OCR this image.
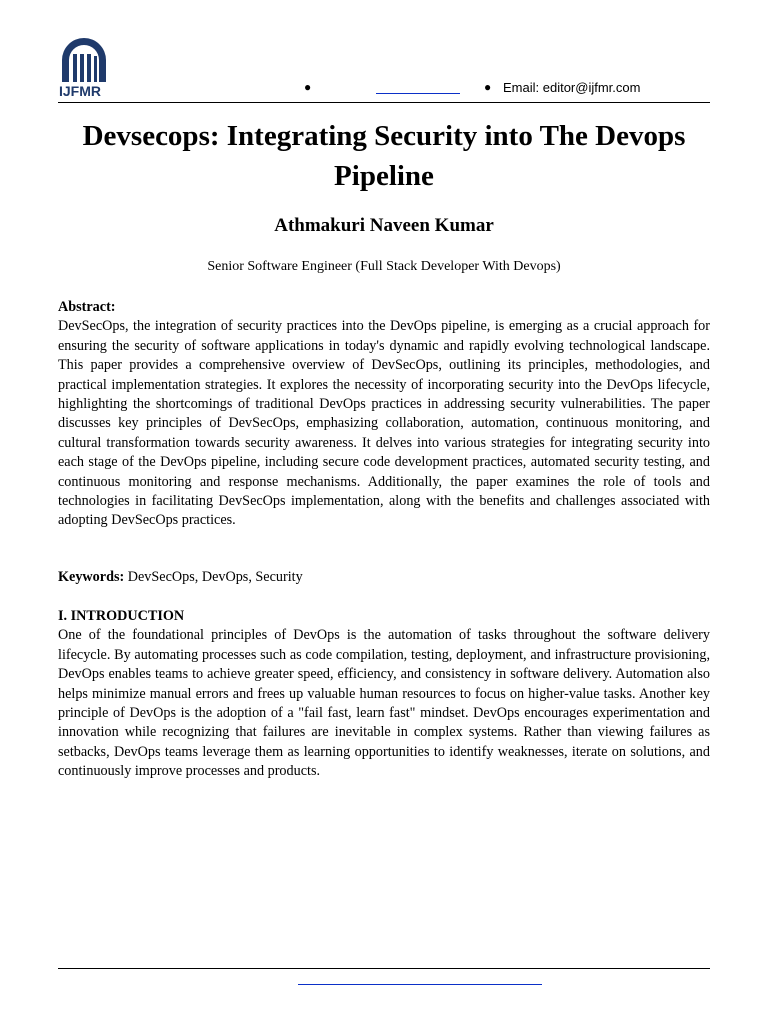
IJFMR	●	● Email: editor@ijfmr.com
Devsecops: Integrating Security into The Devops Pipeline
Athmakuri Naveen Kumar
Senior Software Engineer (Full Stack Developer With Devops)
Abstract:

DevSecOps, the integration of security practices into the DevOps pipeline, is emerging as a crucial approach for ensuring the security of software applications in today's dynamic and rapidly evolving technological landscape. This paper provides a comprehensive overview of DevSecOps, outlining its principles, methodologies, and practical implementation strategies. It explores the necessity of incorporating security into the DevOps lifecycle, highlighting the shortcomings of traditional DevOps practices in addressing security vulnerabilities. The paper discusses key principles of DevSecOps, emphasizing collaboration, automation, continuous monitoring, and cultural transformation towards security awareness. It delves into various strategies for integrating security into each stage of the DevOps pipeline, including secure code development practices, automated security testing, and continuous monitoring and response mechanisms. Additionally, the paper examines the role of tools and technologies in facilitating DevSecOps implementation, along with the benefits and challenges associated with adopting DevSecOps practices.

Keywords: DevSecOps, DevOps, Security
I. INTRODUCTION

One of the foundational principles of DevOps is the automation of tasks throughout the software delivery lifecycle. By automating processes such as code compilation, testing, deployment, and infrastructure provisioning, DevOps enables teams to achieve greater speed, efficiency, and consistency in software delivery. Automation also helps minimize manual errors and frees up valuable human resources to focus on higher-value tasks. Another key principle of DevOps is the adoption of a "fail fast, learn fast" mindset. DevOps encourages experimentation and innovation while recognizing that failures are inevitable in complex systems. Rather than viewing failures as setbacks, DevOps teams leverage them as learning opportunities to identify weaknesses, iterate on solutions, and continuously improve processes and products.
